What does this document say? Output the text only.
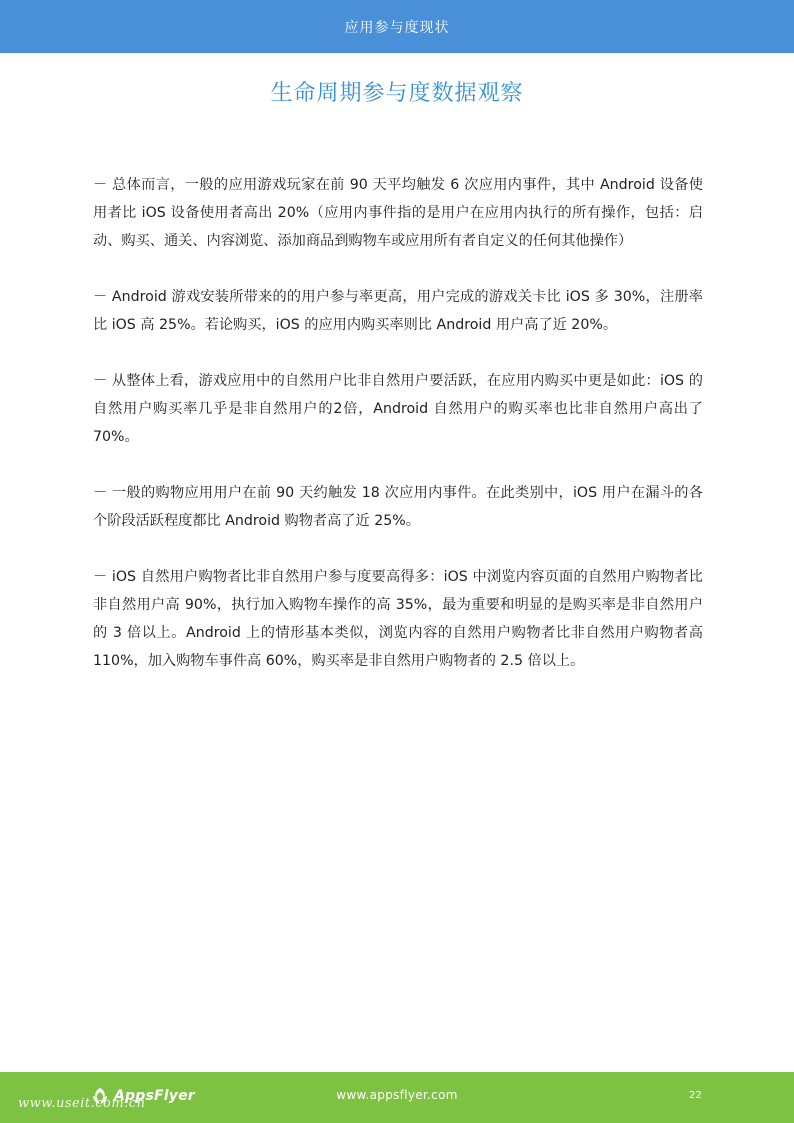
应用参与度现状
生命周期参与度数据观察

－ 总体而言，一般的应用游戏玩家在前 90 天平均触发 6 次应用内事件，其中 Android 设备使用者比 iOS 设备使用者高出 20%（应用内事件指的是用户在应用内执行的所有操作，包括：启动、购买、通关、内容浏览、添加商品到购物车或应用所有者自定义的任何其他操作）

－ Android 游戏安装所带来的的用户参与率更高，用户完成的游戏关卡比 iOS 多 30%，注册率比 iOS 高 25%。若论购买，iOS 的应用内购买率则比 Android 用户高了近 20%。

－ 从整体上看，游戏应用中的自然用户比非自然用户要活跃，在应用内购买中更是如此：iOS 的自然用户购买率几乎是非自然用户的2倍，Android 自然用户的购买率也比非自然用户高出了 70%。

－ 一般的购物应用用户在前 90 天约触发 18 次应用内事件。在此类别中，iOS 用户在漏斗的各个阶段活跃程度都比 Android 购物者高了近 25%。

－ iOS 自然用户购物者比非自然用户参与度要高得多：iOS 中浏览内容页面的自然用户购物者比非自然用户高 90%，执行加入购物车操作的高 35%，最为重要和明显的是购买率是非自然用户的 3 倍以上。Android 上的情形基本类似，浏览内容的自然用户购物者比非自然用户购物者高 110%，加入购物车事件高 60%，购买率是非自然用户购物者的 2.5 倍以上。

AppsFlyer	www.appsflyer.com	22
www.useit.com.cn
